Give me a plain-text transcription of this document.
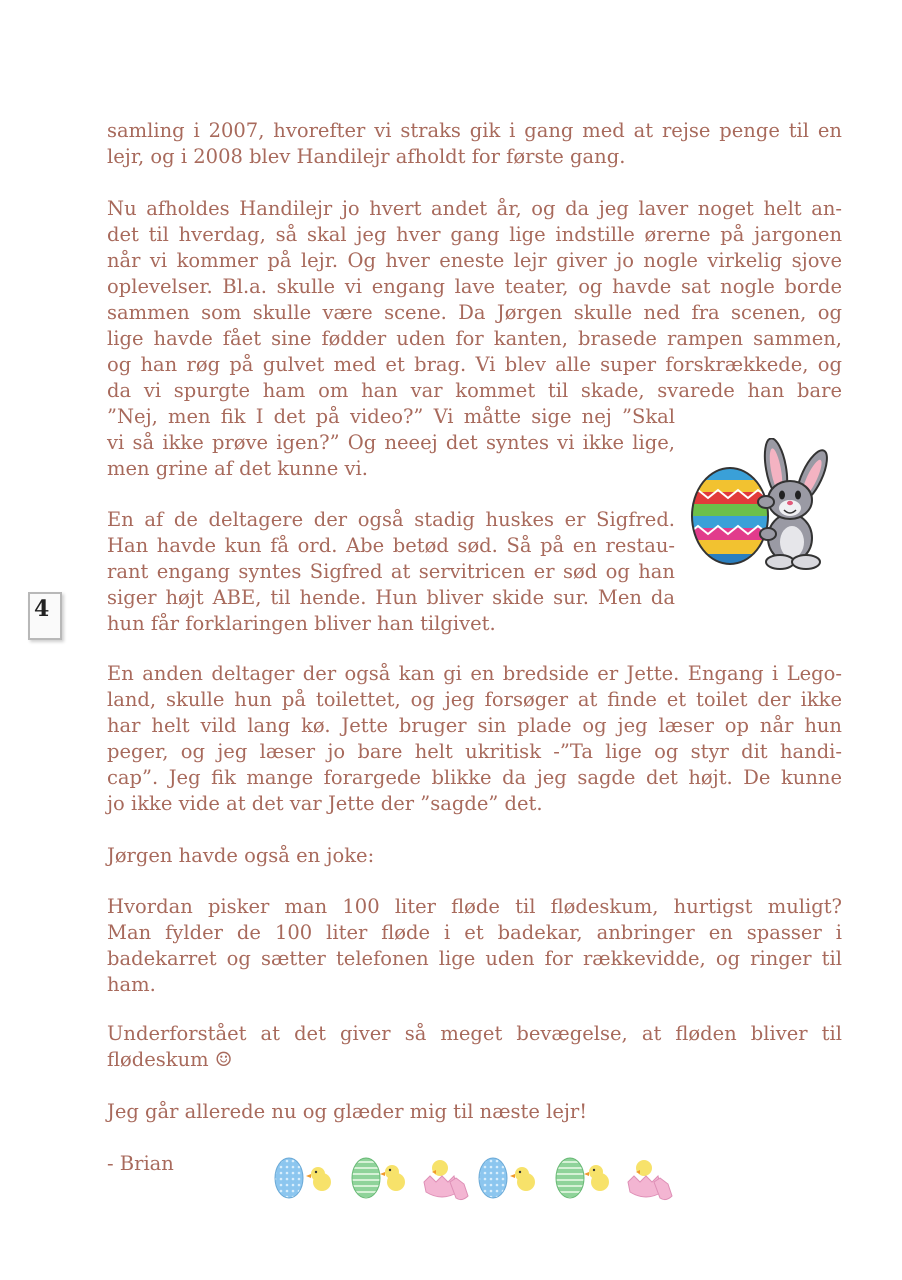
samling i 2007, hvorefter vi straks gik i gang med at rejse penge til en
lejr, og i 2008 blev Handilejr afholdt for første gang.
Nu afholdes Handilejr jo hvert andet år, og da jeg laver noget helt an-
det til hverdag, så skal jeg hver gang lige indstille ørerne på jargonen
når vi kommer på lejr. Og hver eneste lejr giver jo nogle virkelig sjove
oplevelser. Bl.a. skulle vi engang lave teater, og havde sat nogle borde
sammen som skulle være scene. Da Jørgen skulle ned fra scenen, og
lige havde fået sine fødder uden for kanten, brasede rampen sammen,
og han røg på gulvet med et brag. Vi blev alle super forskrækkede, og
da vi spurgte ham om han var kommet til skade, svarede han bare
”Nej, men fik I det på video?” Vi måtte sige nej ”Skal
vi så ikke prøve igen?” Og neeej det syntes vi ikke lige,
men grine af det kunne vi.
En af de deltagere der også stadig huskes er Sigfred.
Han havde kun få ord. Abe betød sød. Så på en restau-
rant engang syntes Sigfred at servitricen er sød og han
siger højt ABE, til hende. Hun bliver skide sur. Men da
hun får forklaringen bliver han tilgivet.
En anden deltager der også kan gi en bredside er Jette. Engang i Lego-
land, skulle hun på toilettet, og jeg forsøger at finde et toilet der ikke
har helt vild lang kø. Jette bruger sin plade og jeg læser op når hun
peger, og jeg læser jo bare helt ukritisk -”Ta lige og styr dit handi-
cap”. Jeg fik mange forargede blikke da jeg sagde det højt. De kunne
jo ikke vide at det var Jette der ”sagde” det.
Jørgen havde også en joke:
Hvordan pisker man 100 liter fløde til flødeskum, hurtigst muligt?
Man fylder de 100 liter fløde i et badekar, anbringer en spasser i
badekarret og sætter telefonen lige uden for rækkevidde, og ringer til
ham.
Underforstået at det giver så meget bevægelse, at fløden bliver til
flødeskum ☺
Jeg går allerede nu og glæder mig til næste lejr!
- Brian
4
